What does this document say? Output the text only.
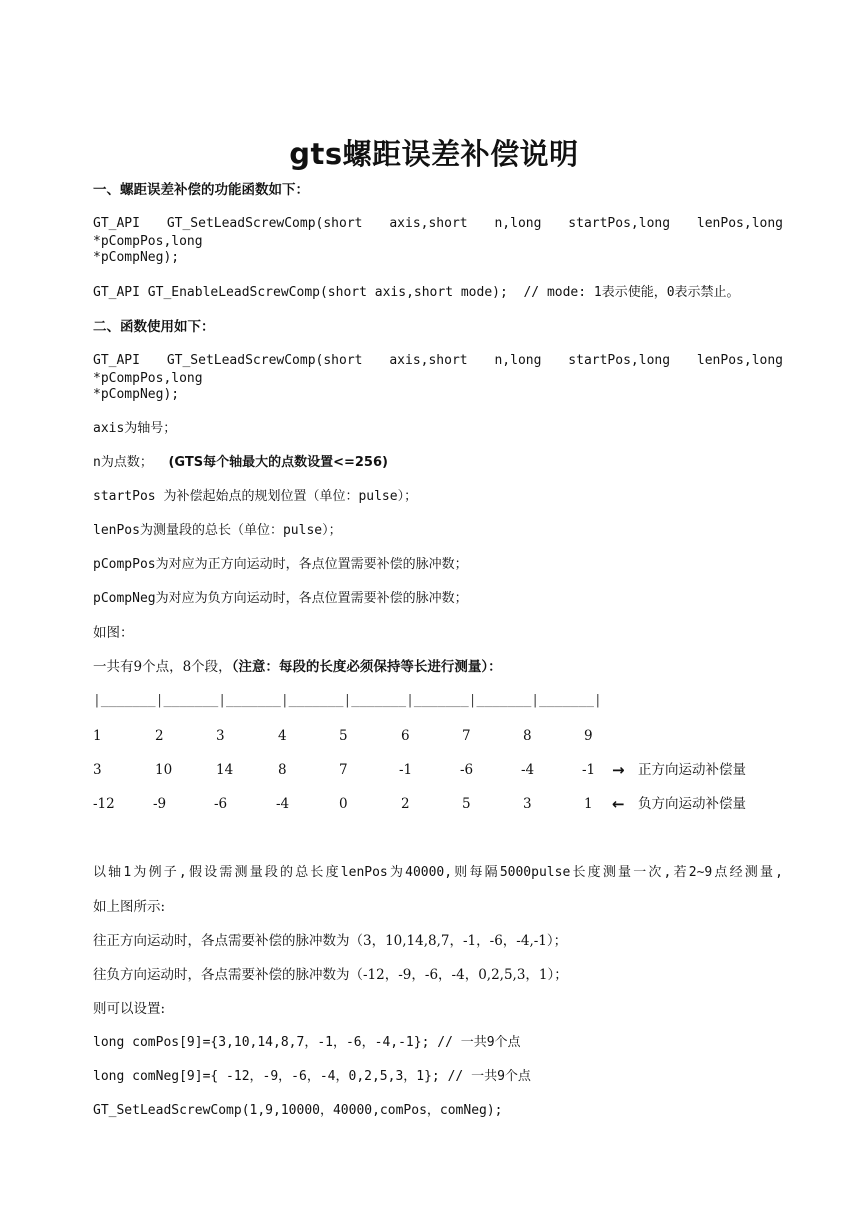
gts螺距误差补偿说明
一、螺距误差补偿的功能函数如下：
GT_API GT_SetLeadScrewComp(short axis,short n,long startPos,long lenPos,long *pCompPos,long
*pCompNeg);
GT_API GT_EnableLeadScrewComp(short axis,short mode);  // mode: 1表示使能，0表示禁止。
二、函数使用如下：
GT_API GT_SetLeadScrewComp(short axis,short n,long startPos,long lenPos,long *pCompPos,long
*pCompNeg);
axis为轴号；
n为点数； (GTS每个轴最大的点数设置<=256)
startPos 为补偿起始点的规划位置（单位：pulse）；
lenPos为测量段的总长（单位：pulse）；
pCompPos为对应为正方向运动时，各点位置需要补偿的脉冲数；
pCompNeg为对应为负方向运动时，各点位置需要补偿的脉冲数；
如图：
一共有9个点，8个段，（注意：每段的长度必须保持等长进行测量）：
|_______|_______|_______|_______|_______|_______|_______|_______|
1	2	3	4	5	6	7	8	9
3	10	14	8	7	-1	-6	-4	-1 → 正方向运动补偿量
-12	-9	-6	-4	0	2	5	3	1 ← 负方向运动补偿量
以轴1为例子,假设需测量段的总长度lenPos为40000,则每隔5000pulse长度测量一次,若2~9点经测量,
如上图所示:
往正方向运动时，各点需要补偿的脉冲数为（3，10,14,8,7，-1，-6，-4,-1）；
往负方向运动时，各点需要补偿的脉冲数为（-12，-9，-6，-4，0,2,5,3，1）；
则可以设置:
long comPos[9]={3,10,14,8,7，-1，-6，-4,-1}; // 一共9个点
long comNeg[9]={ -12，-9，-6，-4，0,2,5,3，1}; // 一共9个点
GT_SetLeadScrewComp(1,9,10000，40000,comPos，comNeg);
